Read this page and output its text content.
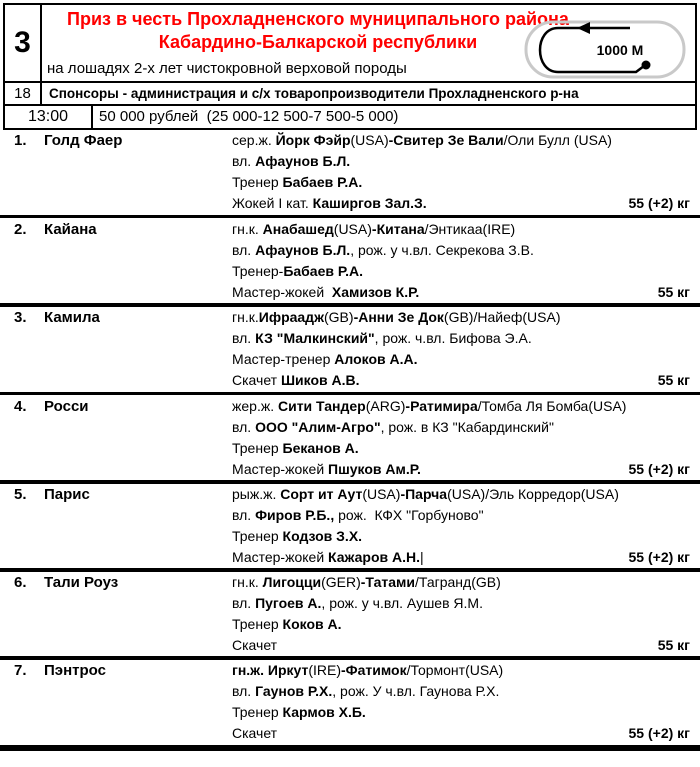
3
Приз в честь Прохладненского муниципального района
Кабардино-Балкарской республики
на лошадях 2-х лет чистокровной верховой породы
1000 М
18	Спонсоры - администрация и с/х товаропроизводители Прохладненского р-на
13:00	50 000 рублей  (25 000-12 500-7 500-5 000)
1. Голд Фаер	сер.ж. Йорк Фэйр(USA)-Свитер Зе Вали/Оли Булл (USA)
вл. Афаунов Б.Л.
Тренер Бабаев Р.А.
Жокей I кат. Каширгов Зал.З.	55 (+2) кг
2. Кайана	гн.к. Анабашед(USA)-Китана/Энтикаа(IRE)
вл. Афаунов Б.Л., рож. у ч.вл. Секрекова З.В.
Тренер-Бабаев Р.А.
Мастер-жокей  Хамизов К.Р.	55 кг
3. Камила	гн.к.Ифраадж(GB)-Анни Зе Док(GB)/Найеф(USA)
вл. КЗ "Малкинский", рож. ч.вл. Бифова Э.А.
Мастер-тренер Алоков А.А.
Скачет Шиков А.В.	55 кг
4. Росси	жер.ж. Сити Тандер(ARG)-Ратимира/Томба Ля Бомба(USA)
вл. ООО "Алим-Агро", рож. в КЗ "Кабардинский"
Тренер Беканов А.
Мастер-жокей Пшуков Ам.Р.	55 (+2) кг
5. Парис	рыж.ж. Сорт ит Аут(USA)-Парча(USA)/Эль Корредор(USA)
вл. Фиров Р.Б., рож.  КФХ "Горбуново"
Тренер Кодзов З.Х.
Мастер-жокей Кажаров А.Н.|	55 (+2) кг
6. Тали Роуз	гн.к. Лигоцци(GER)-Татами/Тагранд(GB)
вл. Пугоев А., рож. у ч.вл. Аушев Я.М.
Тренер Коков А.
Скачет	55 кг
7. Пэнтрос	гн.ж. Иркут(IRE)-Фатимок/Тормонт(USA)
вл. Гаунов Р.Х., рож. У ч.вл. Гаунова Р.Х.
Тренер Кармов Х.Б.
Скачет	55 (+2) кг
